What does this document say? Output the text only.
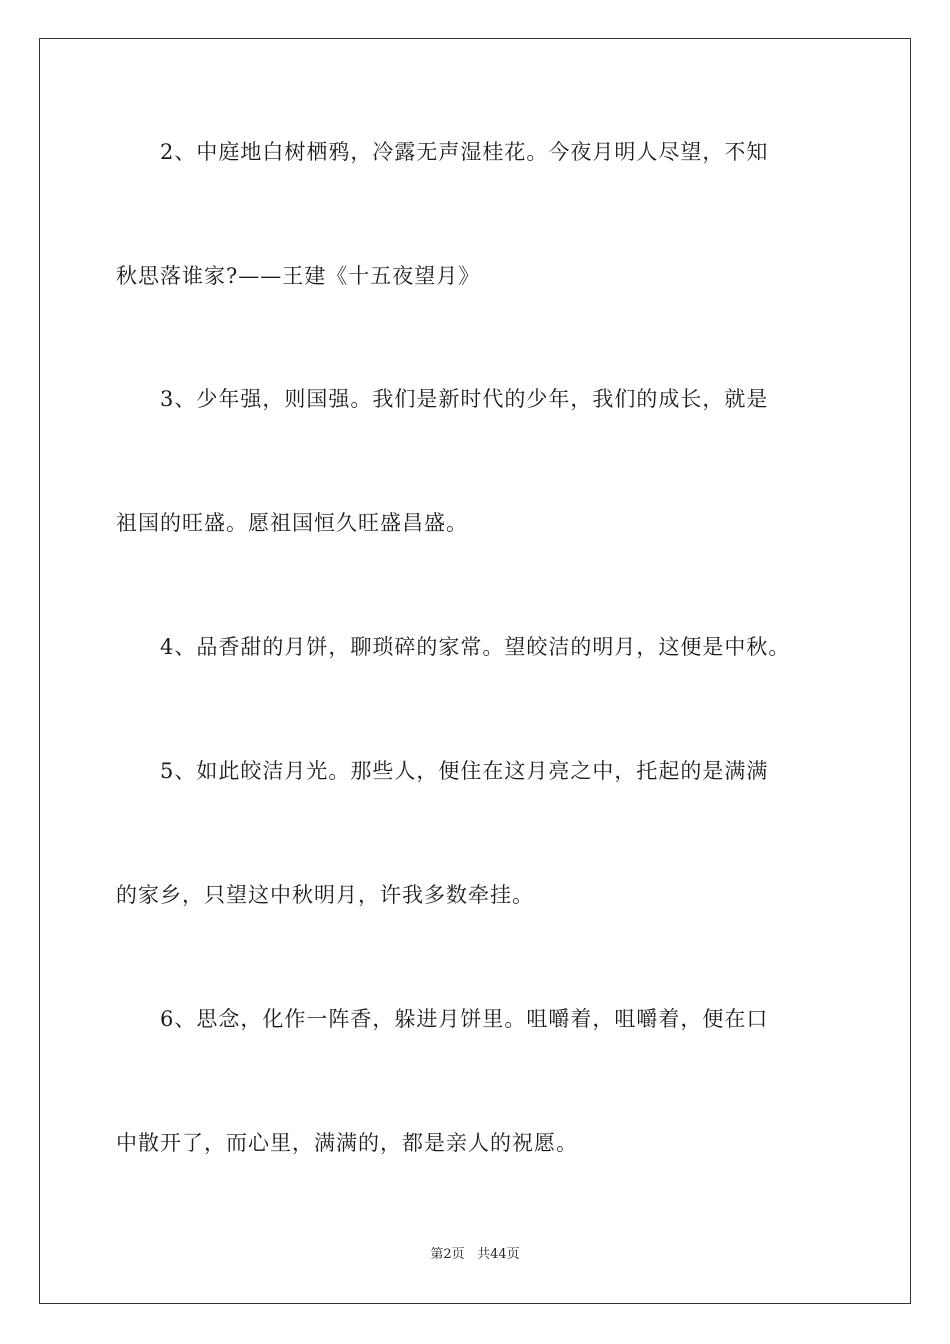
2、中庭地白树栖鸦，冷露无声湿桂花。今夜月明人尽望，不知
秋思落谁家?——王建《十五夜望月》
3、少年强，则国强。我们是新时代的少年，我们的成长，就是
祖国的旺盛。愿祖国恒久旺盛昌盛。
4、品香甜的月饼，聊琐碎的家常。望皎洁的明月，这便是中秋。
5、如此皎洁月光。那些人，便住在这月亮之中，托起的是满满
的家乡，只望这中秋明月，许我多数牵挂。
6、思念，化作一阵香，躲进月饼里。咀嚼着，咀嚼着，便在口
中散开了，而心里，满满的，都是亲人的祝愿。
第2页 共44页
